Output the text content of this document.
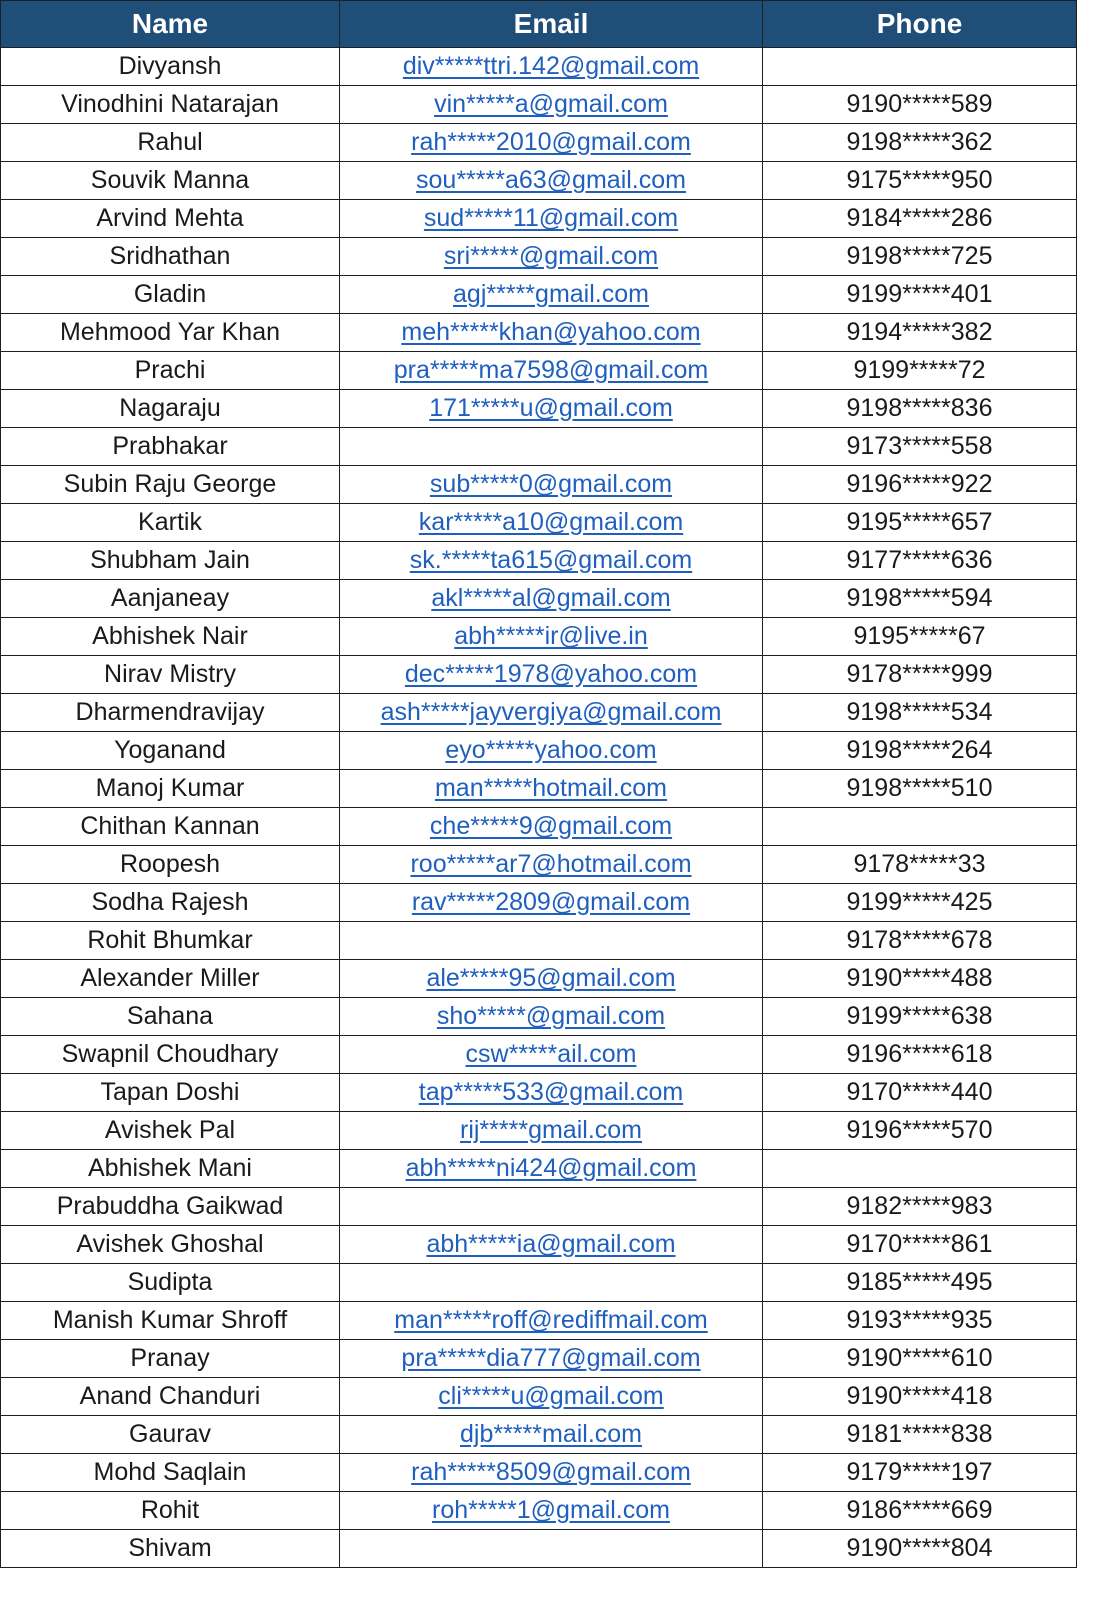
Name	Email	Phone
Divyansh	div*****ttri.142@gmail.com	
Vinodhini Natarajan	vin*****a@gmail.com	9190*****589
Rahul	rah*****2010@gmail.com	9198*****362
Souvik Manna	sou*****a63@gmail.com	9175*****950
Arvind Mehta	sud*****11@gmail.com	9184*****286
Sridhathan	sri*****@gmail.com	9198*****725
Gladin	agj*****gmail.com	9199*****401
Mehmood Yar Khan	meh*****khan@yahoo.com	9194*****382
Prachi	pra*****ma7598@gmail.com	9199*****72
Nagaraju	171*****u@gmail.com	9198*****836
Prabhakar		9173*****558
Subin Raju George	sub*****0@gmail.com	9196*****922
Kartik	kar*****a10@gmail.com	9195*****657
Shubham Jain	sk.*****ta615@gmail.com	9177*****636
Aanjaneay	akl*****al@gmail.com	9198*****594
Abhishek Nair	abh*****ir@live.in	9195*****67
Nirav Mistry	dec*****1978@yahoo.com	9178*****999
Dharmendravijay	ash*****jayvergiya@gmail.com	9198*****534
Yoganand	eyo*****yahoo.com	9198*****264
Manoj Kumar	man*****hotmail.com	9198*****510
Chithan Kannan	che*****9@gmail.com	
Roopesh	roo*****ar7@hotmail.com	9178*****33
Sodha Rajesh	rav*****2809@gmail.com	9199*****425
Rohit Bhumkar		9178*****678
Alexander Miller	ale*****95@gmail.com	9190*****488
Sahana	sho*****@gmail.com	9199*****638
Swapnil Choudhary	csw*****ail.com	9196*****618
Tapan Doshi	tap*****533@gmail.com	9170*****440
Avishek Pal	rij*****gmail.com	9196*****570
Abhishek Mani	abh*****ni424@gmail.com	
Prabuddha Gaikwad		9182*****983
Avishek Ghoshal	abh*****ia@gmail.com	9170*****861
Sudipta		9185*****495
Manish Kumar Shroff	man*****roff@rediffmail.com	9193*****935
Pranay	pra*****dia777@gmail.com	9190*****610
Anand Chanduri	cli*****u@gmail.com	9190*****418
Gaurav	djb*****mail.com	9181*****838
Mohd Saqlain	rah*****8509@gmail.com	9179*****197
Rohit	roh*****1@gmail.com	9186*****669
Shivam		9190*****804
